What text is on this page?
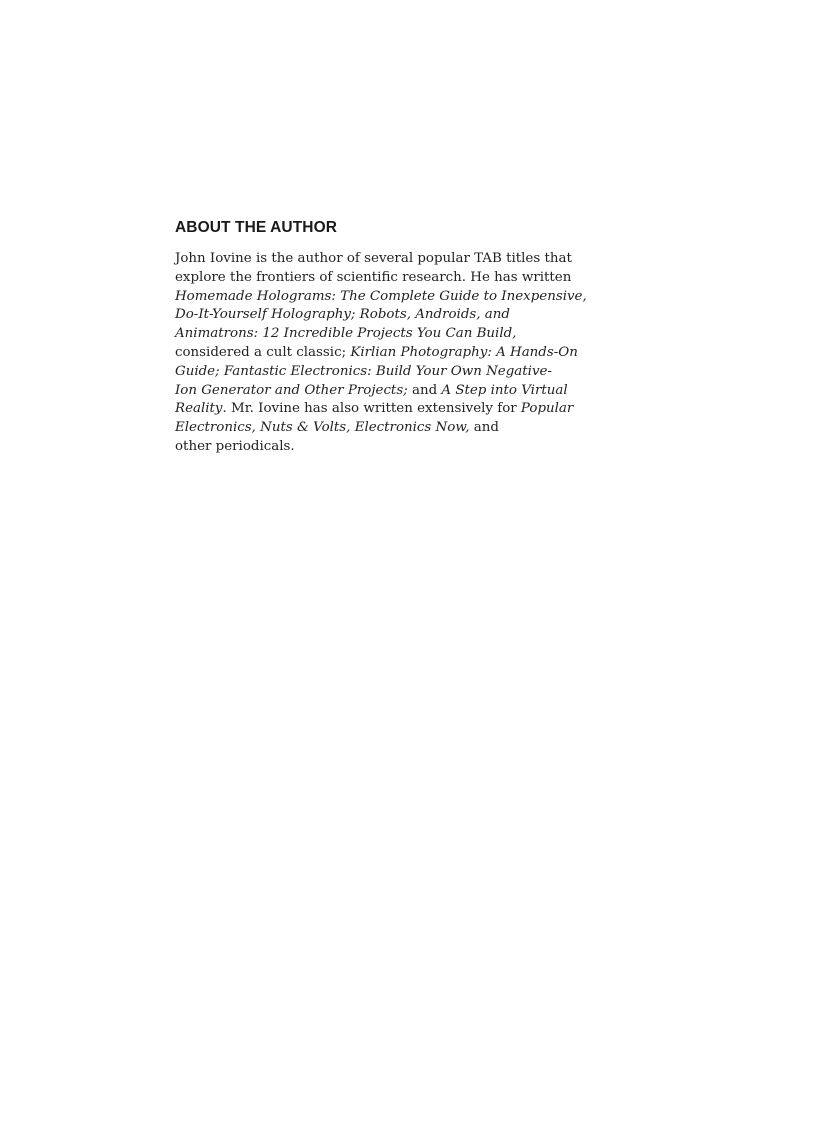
ABOUT THE AUTHOR

John Iovine is the author of several popular TAB titles that
explore the frontiers of scientific research. He has written
Homemade Holograms: The Complete Guide to Inexpensive,
Do-It-Yourself Holography; Robots, Androids, and
Animatrons: 12 Incredible Projects You Can Build,
considered a cult classic; Kirlian Photography: A Hands-On
Guide; Fantastic Electronics: Build Your Own Negative-
Ion Generator and Other Projects; and A Step into Virtual
Reality. Mr. Iovine has also written extensively for Popular
Electronics, Nuts & Volts, Electronics Now, and
other periodicals.
